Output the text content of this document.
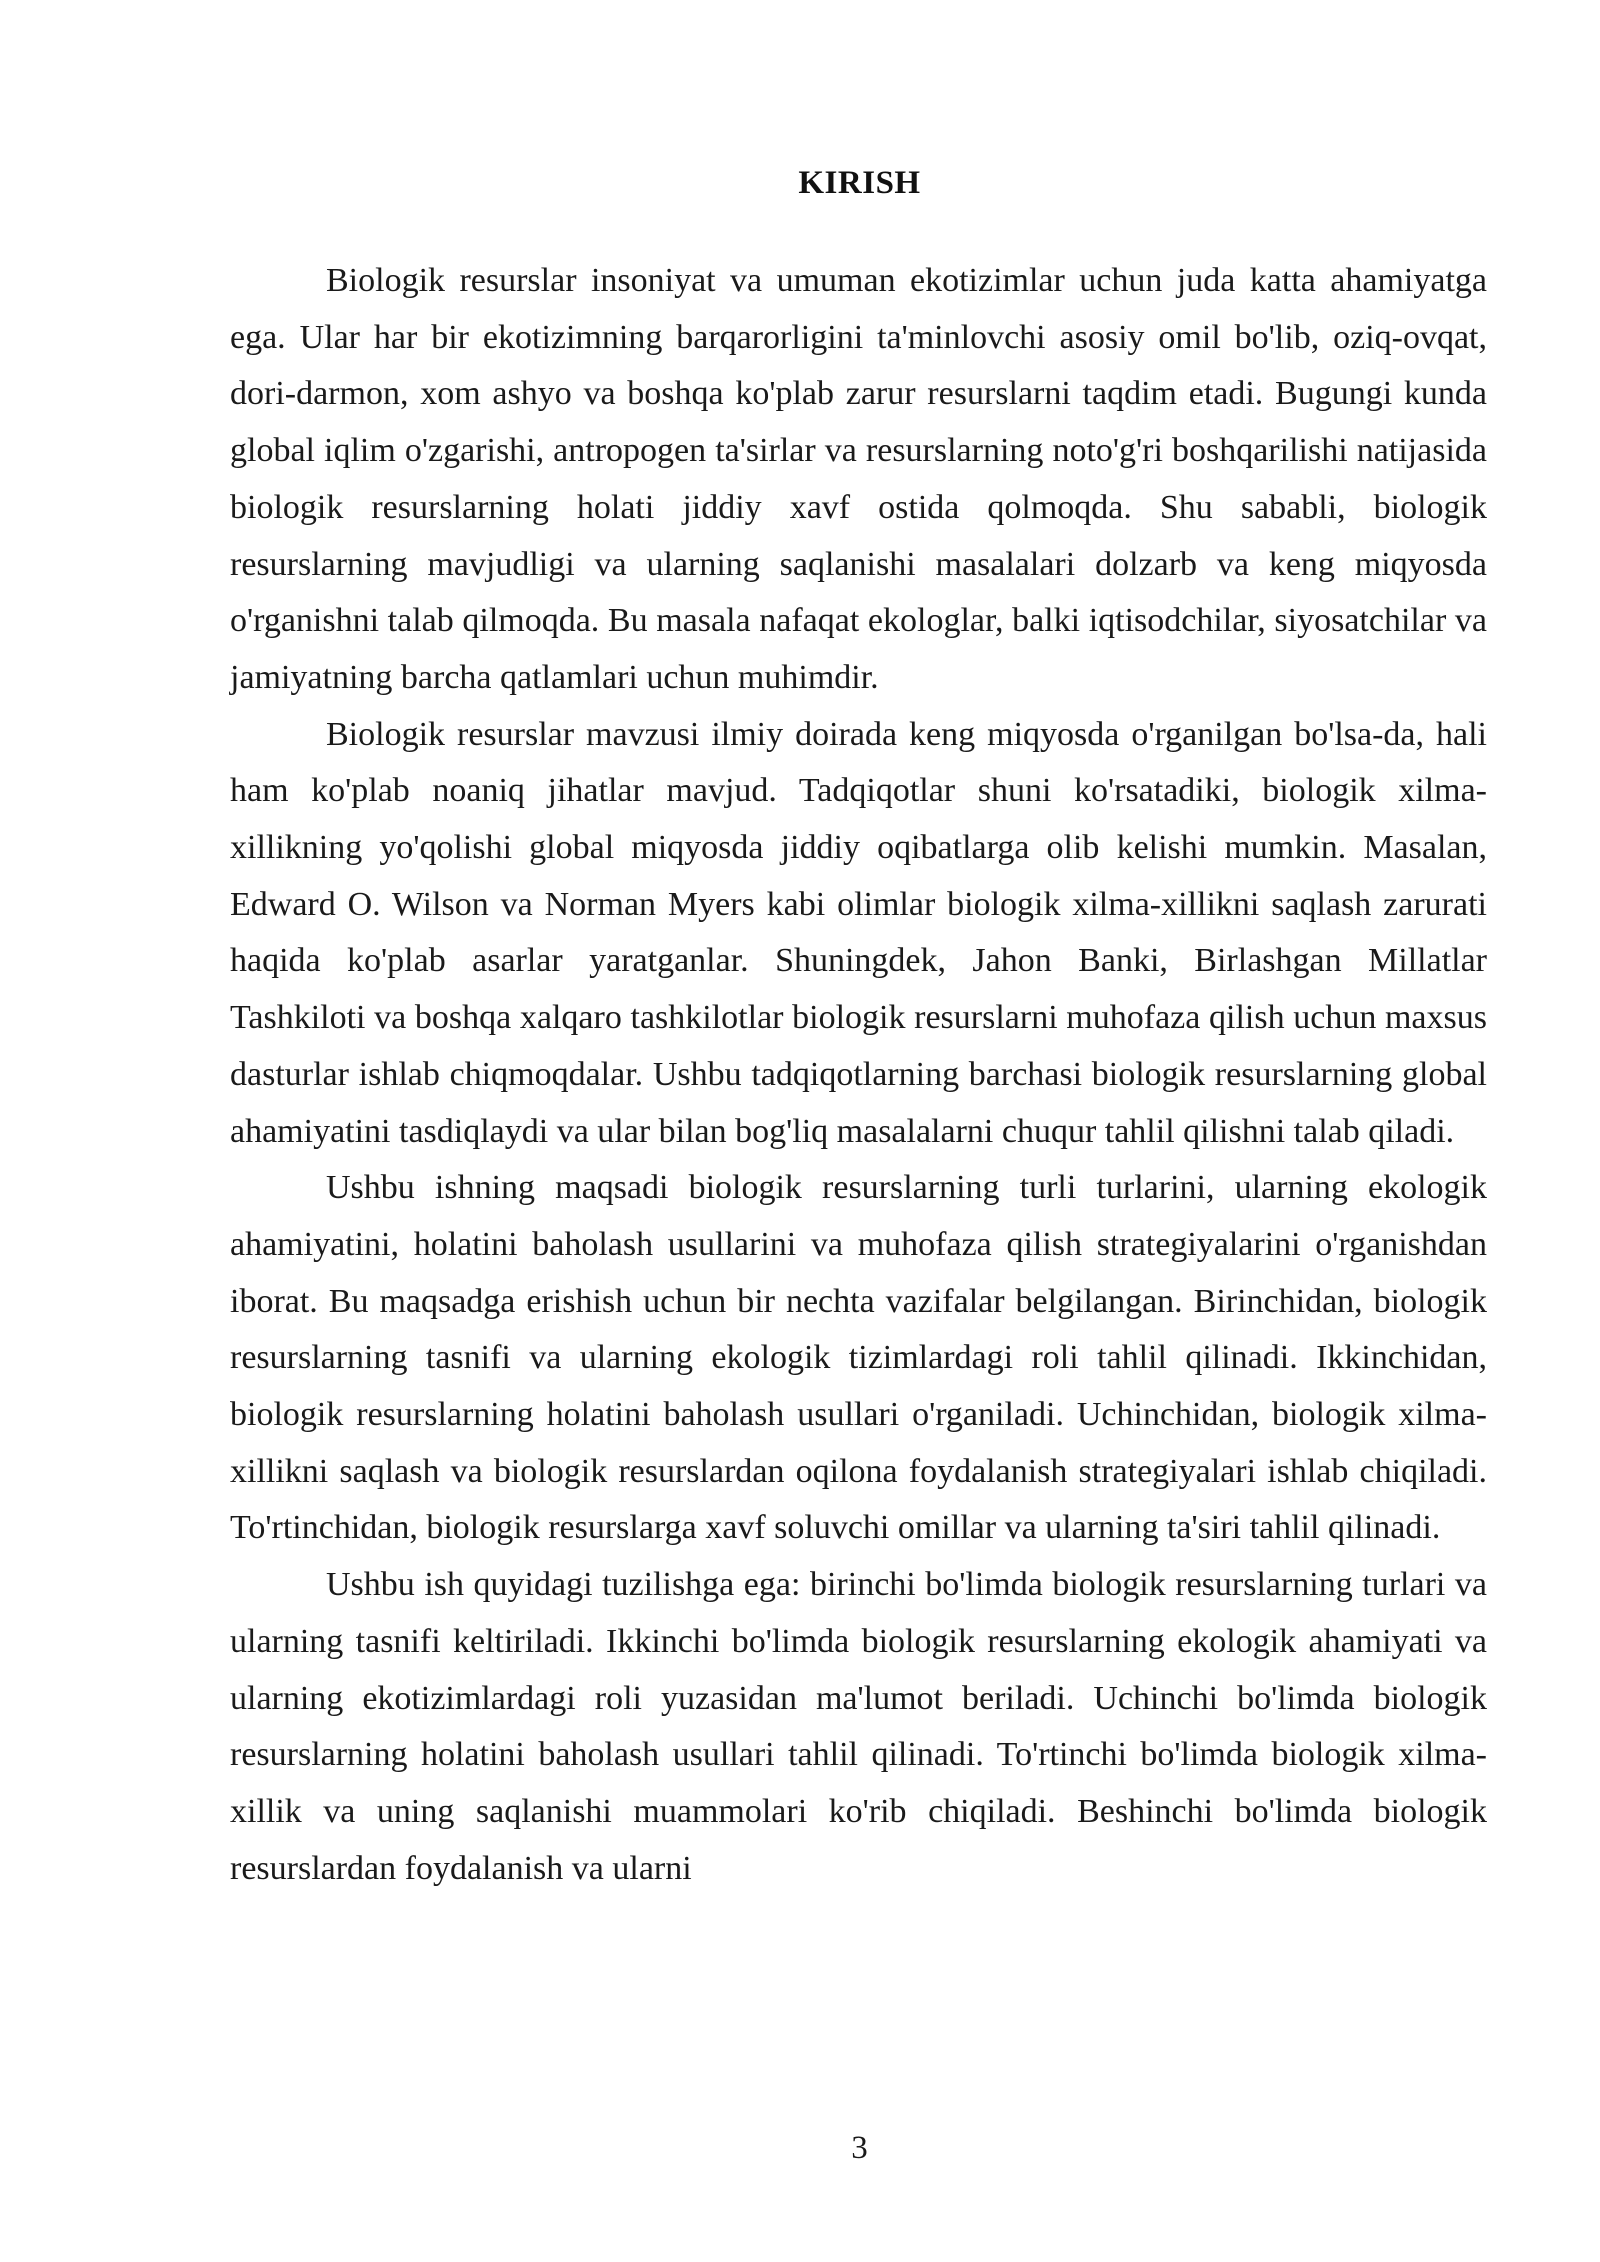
KIRISH

Biologik resurslar insoniyat va umuman ekotizimlar uchun juda katta ahamiyatga ega. Ular har bir ekotizimning barqarorligini ta'minlovchi asosiy omil bo'lib, oziq-ovqat, dori-darmon, xom ashyo va boshqa ko'plab zarur resurslarni taqdim etadi. Bugungi kunda global iqlim o'zgarishi, antropogen ta'sirlar va resurslarning noto'g'ri boshqarilishi natijasida biologik resurslarning holati jiddiy xavf ostida qolmoqda. Shu sababli, biologik resurslarning mavjudligi va ularning saqlanishi masalalari dolzarb va keng miqyosda o'rganishni talab qilmoqda. Bu masala nafaqat ekologlar, balki iqtisodchilar, siyosatchilar va jamiyatning barcha qatlamlari uchun muhimdir.

Biologik resurslar mavzusi ilmiy doirada keng miqyosda o'rganilgan bo'lsa-da, hali ham ko'plab noaniq jihatlar mavjud. Tadqiqotlar shuni ko'rsatadiki, biologik xilma-xillikning yo'qolishi global miqyosda jiddiy oqibatlarga olib kelishi mumkin. Masalan, Edward O. Wilson va Norman Myers kabi olimlar biologik xilma-xillikni saqlash zarurati haqida ko'plab asarlar yaratganlar. Shuningdek, Jahon Banki, Birlashgan Millatlar Tashkiloti va boshqa xalqaro tashkilotlar biologik resurslarni muhofaza qilish uchun maxsus dasturlar ishlab chiqmoqdalar. Ushbu tadqiqotlarning barchasi biologik resurslarning global ahamiyatini tasdiqlaydi va ular bilan bog'liq masalalarni chuqur tahlil qilishni talab qiladi.

Ushbu ishning maqsadi biologik resurslarning turli turlarini, ularning ekologik ahamiyatini, holatini baholash usullarini va muhofaza qilish strategiyalarini o'rganishdan iborat. Bu maqsadga erishish uchun bir nechta vazifalar belgilangan. Birinchidan, biologik resurslarning tasnifi va ularning ekologik tizimlardagi roli tahlil qilinadi. Ikkinchidan, biologik resurslarning holatini baholash usullari o'rganiladi. Uchinchidan, biologik xilma-xillikni saqlash va biologik resurslardan oqilona foydalanish strategiyalari ishlab chiqiladi. To'rtinchidan, biologik resurslarga xavf soluvchi omillar va ularning ta'siri tahlil qilinadi.

Ushbu ish quyidagi tuzilishga ega: birinchi bo'limda biologik resurslarning turlari va ularning tasnifi keltiriladi. Ikkinchi bo'limda biologik resurslarning ekologik ahamiyati va ularning ekotizimlardagi roli yuzasidan ma'lumot beriladi. Uchinchi bo'limda biologik resurslarning holatini baholash usullari tahlil qilinadi. To'rtinchi bo'limda biologik xilma-xillik va uning saqlanishi muammolari ko'rib chiqiladi. Beshinchi bo'limda biologik resurslardan foydalanish va ularni

3
